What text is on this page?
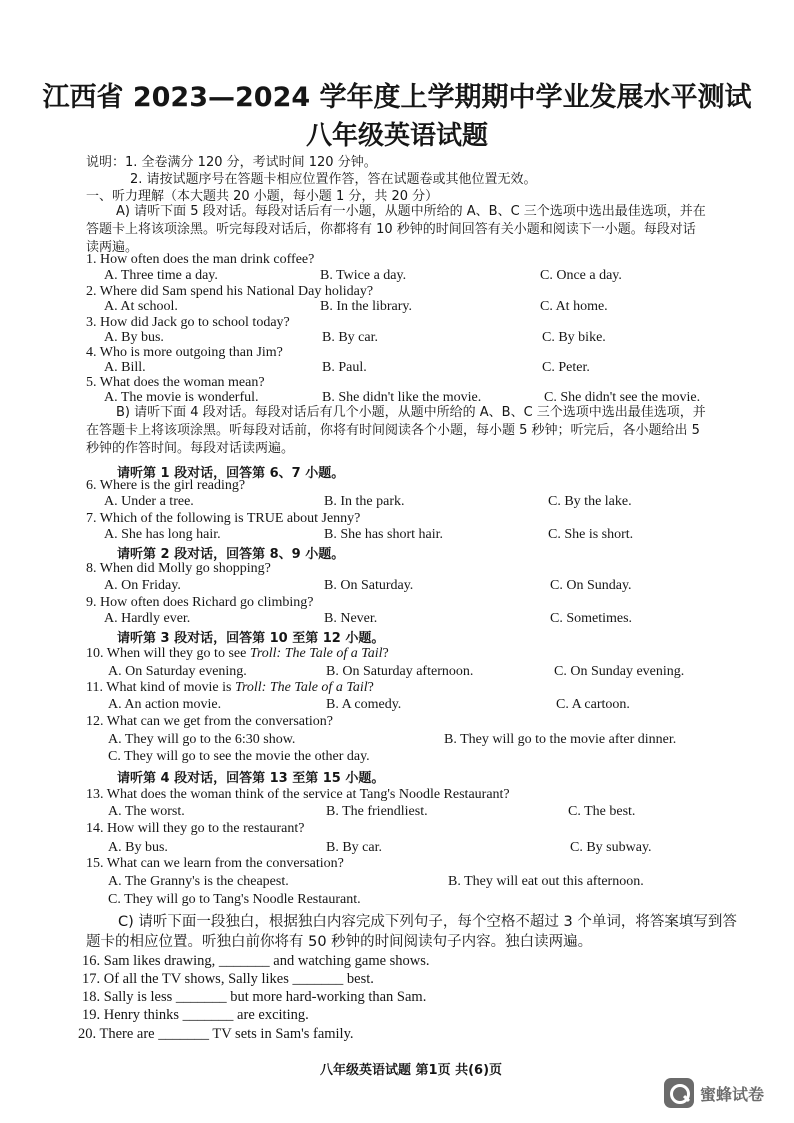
江西省 2023—2024 学年度上学期期中学业发展水平测试
八年级英语试题
说明：1. 全卷满分 120 分，考试时间 120 分钟。
2. 请按试题序号在答题卡相应位置作答，答在试题卷或其他位置无效。
一、听力理解（本大题共 20 小题，每小题 1 分，共 20 分）
A) 请听下面 5 段对话。每段对话后有一小题，从题中所给的 A、B、C 三个选项中选出最佳选项，并在答题卡上将该项涂黑。听完每段对话后，你都将有 10 秒钟的时间回答有关小题和阅读下一小题。每段对话读两遍。
1. How often does the man drink coffee?
A. Three time a day.	B. Twice a day.	C. Once a day.
2. Where did Sam spend his National Day holiday?
A. At school.	B. In the library.	C. At home.
3. How did Jack go to school today?
A. By bus.	B. By car.	C. By bike.
4. Who is more outgoing than Jim?
A. Bill.	B. Paul.	C. Peter.
5. What does the woman mean?
A. The movie is wonderful.	B. She didn't like the movie.	C. She didn't see the movie.
6. Where is the girl reading?
A. Under a tree.	B. In the park.	C. By the lake.
7. Which of the following is TRUE about Jenny?
A. She has long hair.	B. She has short hair.	C. She is short.
8. When did Molly go shopping?
A. On Friday.	B. On Saturday.	C. On Sunday.
9. How often does Richard go climbing?
A. Hardly ever.	B. Never.	C. Sometimes.
10. When will they go to see Troll: The Tale of a Tail?
A. On Saturday evening.	B. On Saturday afternoon.	C. On Sunday evening.
11. What kind of movie is Troll: The Tale of a Tail?
A. An action movie.	B. A comedy.	C. A cartoon.
12. What can we get from the conversation?
A. They will go to the 6:30 show.	B. They will go to the movie after dinner.
C. They will go to see the movie the other day.
13. What does the woman think of the service at Tang's Noodle Restaurant?
A. The worst.	B. The friendliest.	C. The best.
14. How will they go to the restaurant?
A. By bus.	B. By car.	C. By subway.
15. What can we learn from the conversation?
A. The Granny's is the cheapest.	B. They will eat out this afternoon.
C. They will go to Tang's Noodle Restaurant.
B) 请听下面 4 段对话。每段对话后有几个小题，从题中所给的 A、B、C 三个选项中选出最佳选项，并在答题卡上将该项涂黑。听每段对话前，你将有时间阅读各个小题，每小题 5 秒钟；听完后，各小题给出 5 秒钟的作答时间。每段对话读两遍。
请听第 1 段对话，回答第 6、7 小题。
请听第 2 段对话，回答第 8、9 小题。
请听第 3 段对话，回答第 10 至第 12 小题。
请听第 4 段对话，回答第 13 至第 15 小题。
C) 请听下面一段独白，根据独白内容完成下列句子，每个空格不超过 3 个单词，将答案填写到答题卡的相应位置。听独白前你将有 50 秒钟的时间阅读句子内容。独白读两遍。
16. Sam likes drawing, _______ and watching game shows.
17. Of all the TV shows, Sally likes _______ best.
18. Sally is less _______ but more hard-working than Sam.
19. Henry thinks _______ are exciting.
20. There are _______ TV sets in Sam's family.
八年级英语试题 第1页 共(6)页
蜜蜂试卷
